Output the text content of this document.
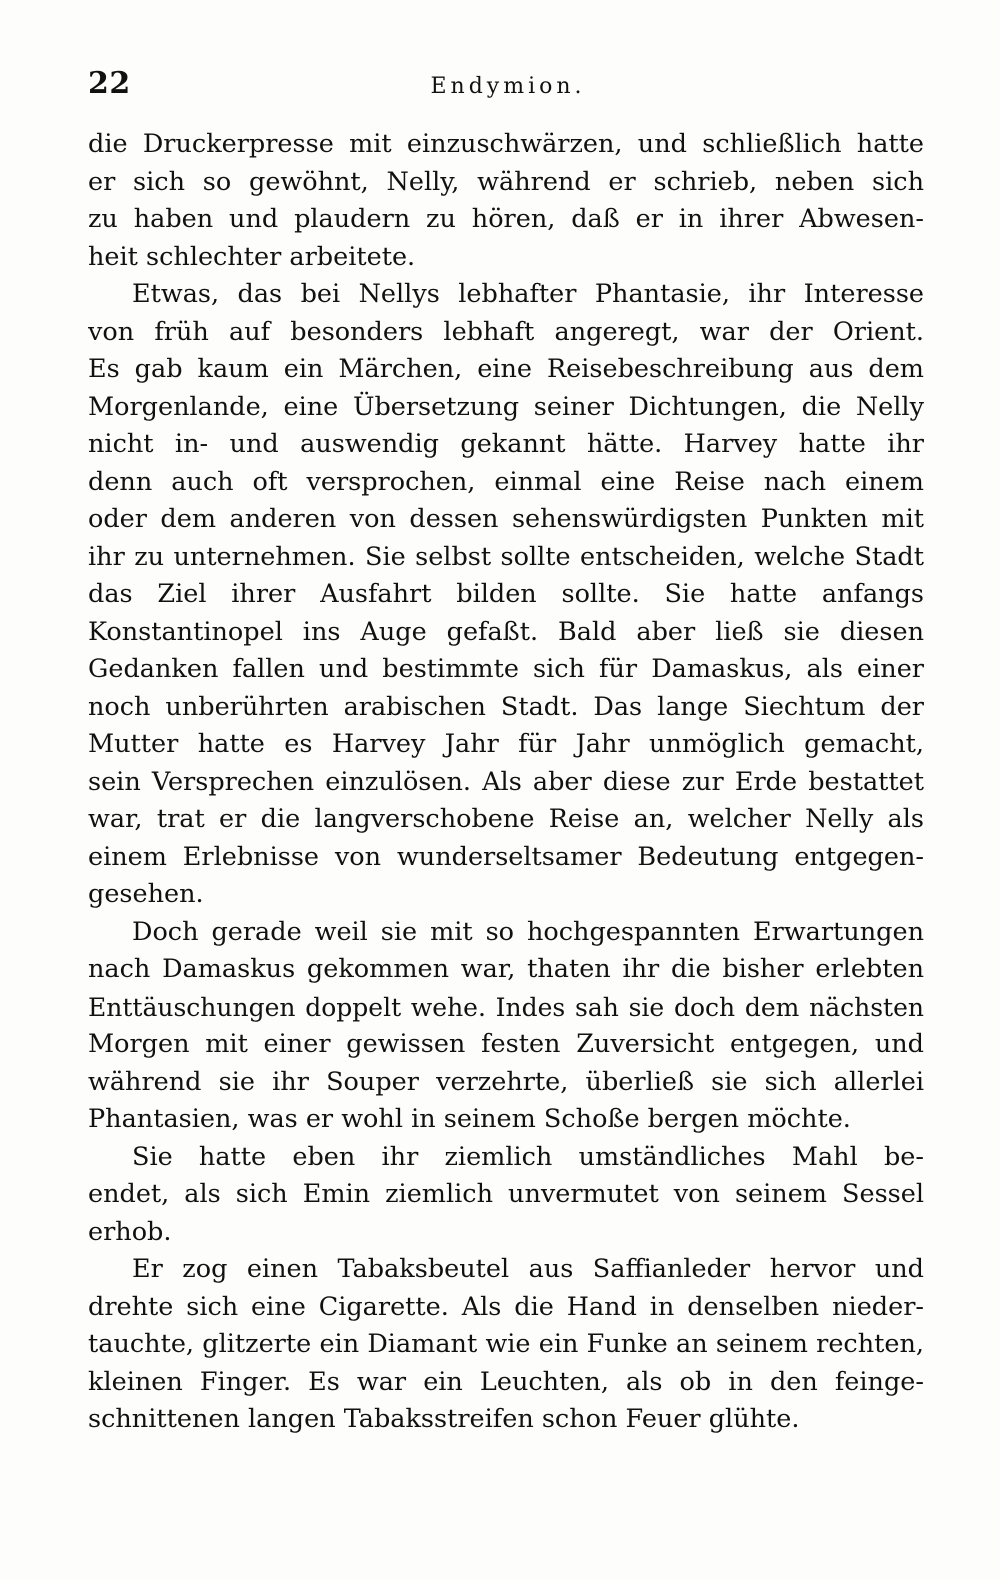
22	Endymion.
die Druckerpresse mit einzuschwärzen, und schließlich hatte
er sich so gewöhnt, Nelly, während er schrieb, neben sich
zu haben und plaudern zu hören, daß er in ihrer Abwesen-
heit schlechter arbeitete.
Etwas, das bei Nellys lebhafter Phantasie, ihr Interesse
von früh auf besonders lebhaft angeregt, war der Orient.
Es gab kaum ein Märchen, eine Reisebeschreibung aus dem
Morgenlande, eine Übersetzung seiner Dichtungen, die Nelly
nicht in- und auswendig gekannt hätte. Harvey hatte ihr
denn auch oft versprochen, einmal eine Reise nach einem
oder dem anderen von dessen sehenswürdigsten Punkten mit
ihr zu unternehmen. Sie selbst sollte entscheiden, welche Stadt
das Ziel ihrer Ausfahrt bilden sollte. Sie hatte anfangs
Konstantinopel ins Auge gefaßt. Bald aber ließ sie diesen
Gedanken fallen und bestimmte sich für Damaskus, als einer
noch unberührten arabischen Stadt. Das lange Siechtum der
Mutter hatte es Harvey Jahr für Jahr unmöglich gemacht,
sein Versprechen einzulösen. Als aber diese zur Erde bestattet
war, trat er die langverschobene Reise an, welcher Nelly als
einem Erlebnisse von wunderseltsamer Bedeutung entgegen-
gesehen.
Doch gerade weil sie mit so hochgespannten Erwartungen
nach Damaskus gekommen war, thaten ihr die bisher erlebten
Enttäuschungen doppelt wehe. Indes sah sie doch dem nächsten
Morgen mit einer gewissen festen Zuversicht entgegen, und
während sie ihr Souper verzehrte, überließ sie sich allerlei
Phantasien, was er wohl in seinem Schoße bergen möchte.
Sie hatte eben ihr ziemlich umständliches Mahl be-
endet, als sich Emin ziemlich unvermutet von seinem Sessel
erhob.
Er zog einen Tabaksbeutel aus Saffianleder hervor und
drehte sich eine Cigarette. Als die Hand in denselben nieder-
tauchte, glitzerte ein Diamant wie ein Funke an seinem rechten,
kleinen Finger. Es war ein Leuchten, als ob in den feinge-
schnittenen langen Tabaksstreifen schon Feuer glühte.
